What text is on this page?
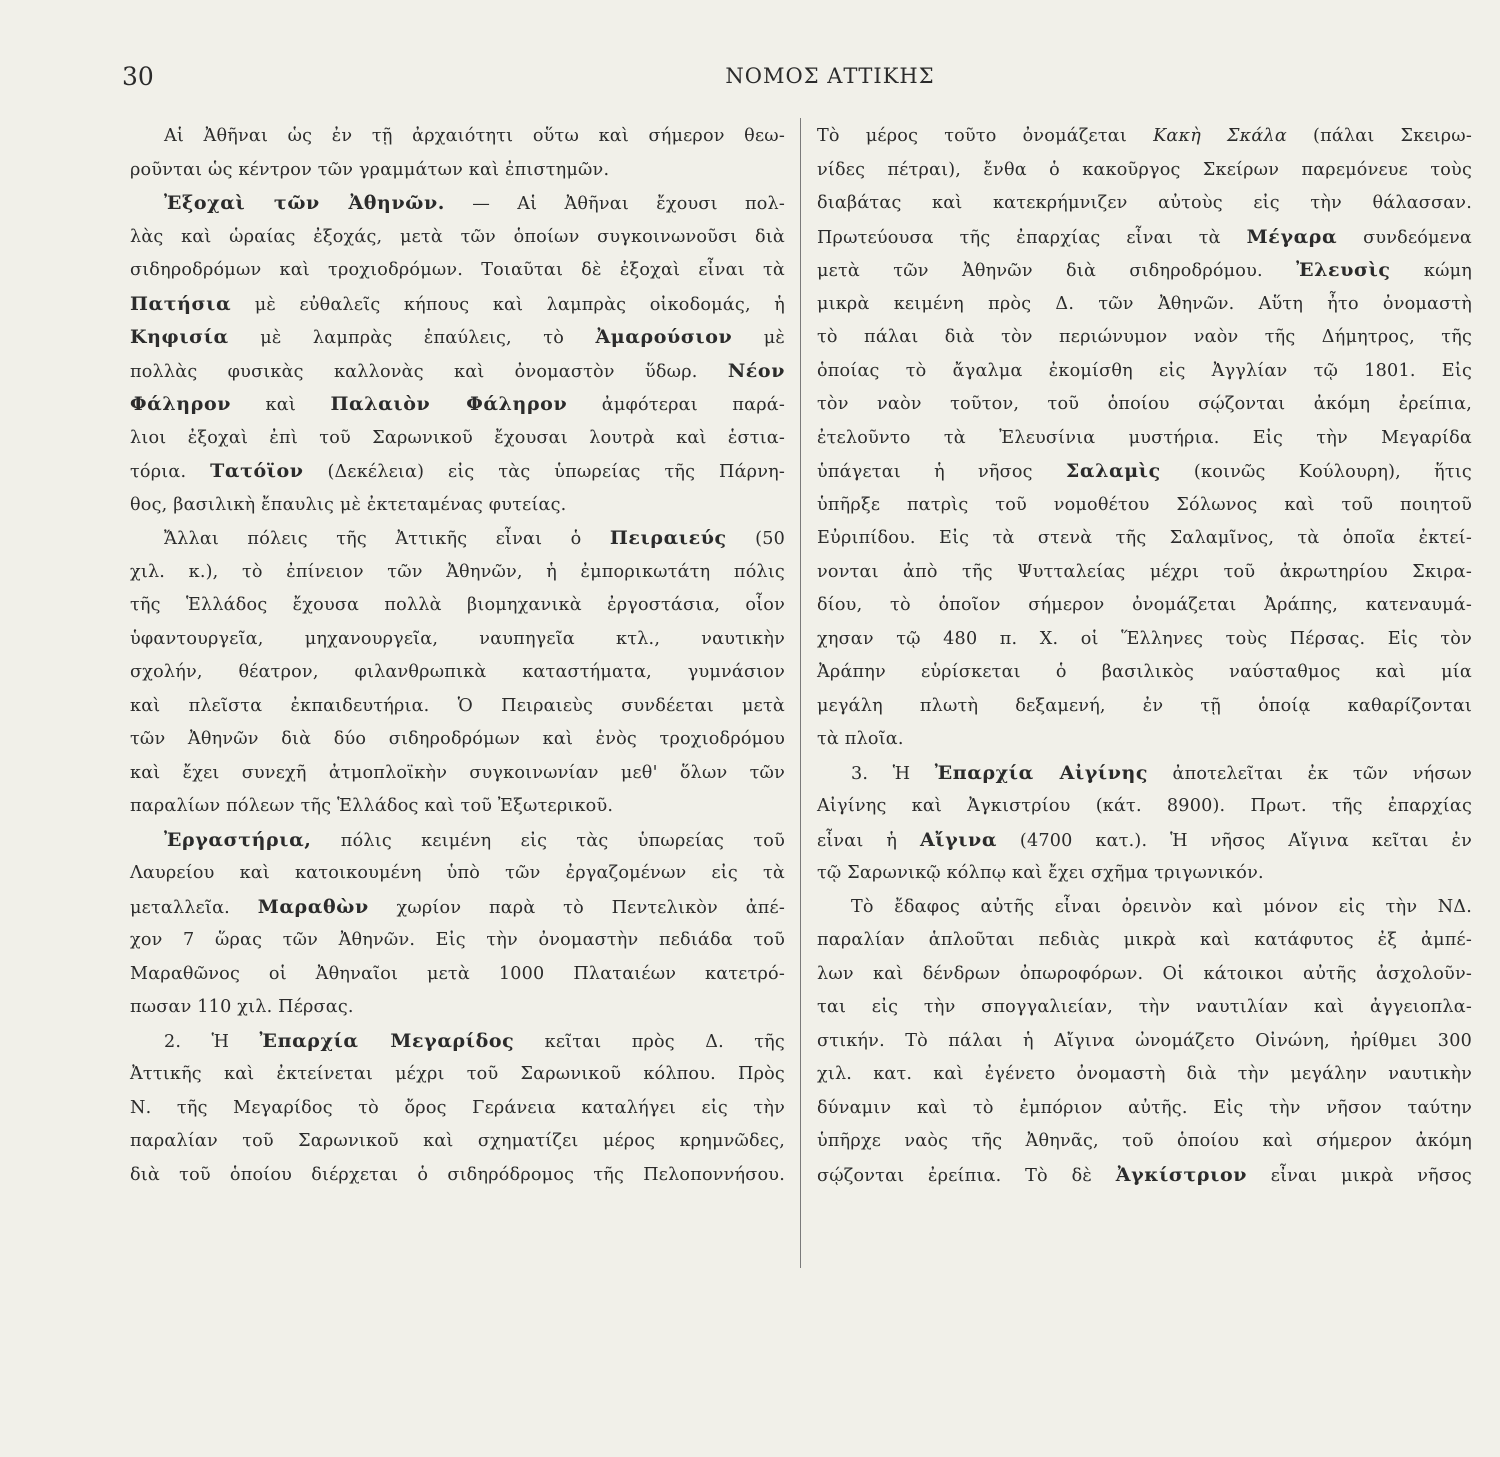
30	ΝΟΜΟΣ ΑΤΤΙΚΗΣ
Αἱ Ἀθῆναι ὡς ἐν τῇ ἀρχαιότητι οὕτω καὶ σήμερον θεω-
ροῦνται ὡς κέντρον τῶν γραμμάτων καὶ ἐπιστημῶν.
Ἐξοχαὶ τῶν Ἀθηνῶν. — Αἱ Ἀθῆναι ἔχουσι πολ-
λὰς καὶ ὡραίας ἐξοχάς, μετὰ τῶν ὁποίων συγκοινωνοῦσι διὰ
σιδηροδρόμων καὶ τροχιοδρόμων. Τοιαῦται δὲ ἐξοχαὶ εἶναι τὰ
Πατήσια μὲ εὐθαλεῖς κήπους καὶ λαμπρὰς οἰκοδομάς, ἡ
Κηφισία μὲ λαμπρὰς ἐπαύλεις, τὸ Ἀμαρούσιον μὲ
πολλὰς φυσικὰς καλλονὰς καὶ ὀνομαστὸν ὕδωρ. Νέον
Φάληρον καὶ Παλαιὸν Φάληρον ἀμφότεραι παρά-
λιοι ἐξοχαὶ ἐπὶ τοῦ Σαρωνικοῦ ἔχουσαι λουτρὰ καὶ ἑστια-
τόρια. Τατόϊον (Δεκέλεια) εἰς τὰς ὑπωρείας τῆς Πάρνη-
θος, βασιλικὴ ἔπαυλις μὲ ἐκτεταμένας φυτείας.
Ἄλλαι πόλεις τῆς Ἀττικῆς εἶναι ὁ Πειραιεύς (50
χιλ. κ.), τὸ ἐπίνειον τῶν Ἀθηνῶν, ἡ ἐμπορικωτάτη πόλις
τῆς Ἑλλάδος ἔχουσα πολλὰ βιομηχανικὰ ἐργοστάσια, οἷον
ὑφαντουργεῖα, μηχανουργεῖα, ναυπηγεῖα κτλ., ναυτικὴν
σχολήν, θέατρον, φιλανθρωπικὰ καταστήματα, γυμνάσιον
καὶ πλεῖστα ἐκπαιδευτήρια. Ὁ Πειραιεὺς συνδέεται μετὰ
τῶν Ἀθηνῶν διὰ δύο σιδηροδρόμων καὶ ἑνὸς τροχιοδρόμου
καὶ ἔχει συνεχῆ ἀτμοπλοϊκὴν συγκοινωνίαν μεθ' ὅλων τῶν
παραλίων πόλεων τῆς Ἑλλάδος καὶ τοῦ Ἐξωτερικοῦ.
Ἐργαστήρια, πόλις κειμένη εἰς τὰς ὑπωρείας τοῦ
Λαυρείου καὶ κατοικουμένη ὑπὸ τῶν ἐργαζομένων εἰς τὰ
μεταλλεῖα. Μαραθὼν χωρίον παρὰ τὸ Πεντελικὸν ἀπέ-
χον 7 ὥρας τῶν Ἀθηνῶν. Εἰς τὴν ὀνομαστὴν πεδιάδα τοῦ
Μαραθῶνος οἱ Ἀθηναῖοι μετὰ 1000 Πλαταιέων κατετρό-
πωσαν 110 χιλ. Πέρσας.
2. Ἡ Ἐπαρχία Μεγαρίδος κεῖται πρὸς Δ. τῆς
Ἀττικῆς καὶ ἐκτείνεται μέχρι τοῦ Σαρωνικοῦ κόλπου. Πρὸς
Ν. τῆς Μεγαρίδος τὸ ὄρος Γεράνεια καταλήγει εἰς τὴν
παραλίαν τοῦ Σαρωνικοῦ καὶ σχηματίζει μέρος κρημνῶδες,
διὰ τοῦ ὁποίου διέρχεται ὁ σιδηρόδρομος τῆς Πελοποννήσου.
Τὸ μέρος τοῦτο ὀνομάζεται Κακὴ Σκάλα (πάλαι Σκειρω-
νίδες πέτραι), ἔνθα ὁ κακοῦργος Σκείρων παρεμόνευε τοὺς
διαβάτας καὶ κατεκρήμνιζεν αὐτοὺς εἰς τὴν θάλασσαν.
Πρωτεύουσα τῆς ἐπαρχίας εἶναι τὰ Μέγαρα συνδεόμενα
μετὰ τῶν Ἀθηνῶν διὰ σιδηροδρόμου. Ἐλευσὶς κώμη
μικρὰ κειμένη πρὸς Δ. τῶν Ἀθηνῶν. Αὕτη ἦτο ὀνομαστὴ
τὸ πάλαι διὰ τὸν περιώνυμον ναὸν τῆς Δήμητρος, τῆς
ὁποίας τὸ ἄγαλμα ἐκομίσθη εἰς Ἀγγλίαν τῷ 1801. Εἰς
τὸν ναὸν τοῦτον, τοῦ ὁποίου σῴζονται ἀκόμη ἐρείπια,
ἐτελοῦντο τὰ Ἐλευσίνια μυστήρια. Εἰς τὴν Μεγαρίδα
ὑπάγεται ἡ νῆσος Σαλαμὶς (κοινῶς Κούλουρη), ἥτις
ὑπῆρξε πατρὶς τοῦ νομοθέτου Σόλωνος καὶ τοῦ ποιητοῦ
Εὐριπίδου. Εἰς τὰ στενὰ τῆς Σαλαμῖνος, τὰ ὁποῖα ἐκτεί-
νονται ἀπὸ τῆς Ψυτταλείας μέχρι τοῦ ἀκρωτηρίου Σκιρα-
δίου, τὸ ὁποῖον σήμερον ὀνομάζεται Ἀράπης, κατεναυμά-
χησαν τῷ 480 π. Χ. οἱ Ἕλληνες τοὺς Πέρσας. Εἰς τὸν
Ἀράπην εὑρίσκεται ὁ βασιλικὸς ναύσταθμος καὶ μία
μεγάλη πλωτὴ δεξαμενή, ἐν τῇ ὁποίᾳ καθαρίζονται
τὰ πλοῖα.
3. Ἡ Ἐπαρχία Αἰγίνης ἀποτελεῖται ἐκ τῶν νήσων
Αἰγίνης καὶ Ἀγκιστρίου (κάτ. 8900). Πρωτ. τῆς ἐπαρχίας
εἶναι ἡ Αἴγινα (4700 κατ.). Ἡ νῆσος Αἴγινα κεῖται ἐν
τῷ Σαρωνικῷ κόλπῳ καὶ ἔχει σχῆμα τριγωνικόν.
Τὸ ἔδαφος αὐτῆς εἶναι ὀρεινὸν καὶ μόνον εἰς τὴν ΝΔ.
παραλίαν ἁπλοῦται πεδιὰς μικρὰ καὶ κατάφυτος ἐξ ἀμπέ-
λων καὶ δένδρων ὀπωροφόρων. Οἱ κάτοικοι αὐτῆς ἀσχολοῦν-
ται εἰς τὴν σπογγαλιείαν, τὴν ναυτιλίαν καὶ ἀγγειοπλα-
στικήν. Τὸ πάλαι ἡ Αἴγινα ὠνομάζετο Οἰνώνη, ἠρίθμει 300
χιλ. κατ. καὶ ἐγένετο ὀνομαστὴ διὰ τὴν μεγάλην ναυτικὴν
δύναμιν καὶ τὸ ἐμπόριον αὐτῆς. Εἰς τὴν νῆσον ταύτην
ὑπῆρχε ναὸς τῆς Ἀθηνᾶς, τοῦ ὁποίου καὶ σήμερον ἀκόμη
σῴζονται ἐρείπια. Τὸ δὲ Ἀγκίστριον εἶναι μικρὰ νῆσος
